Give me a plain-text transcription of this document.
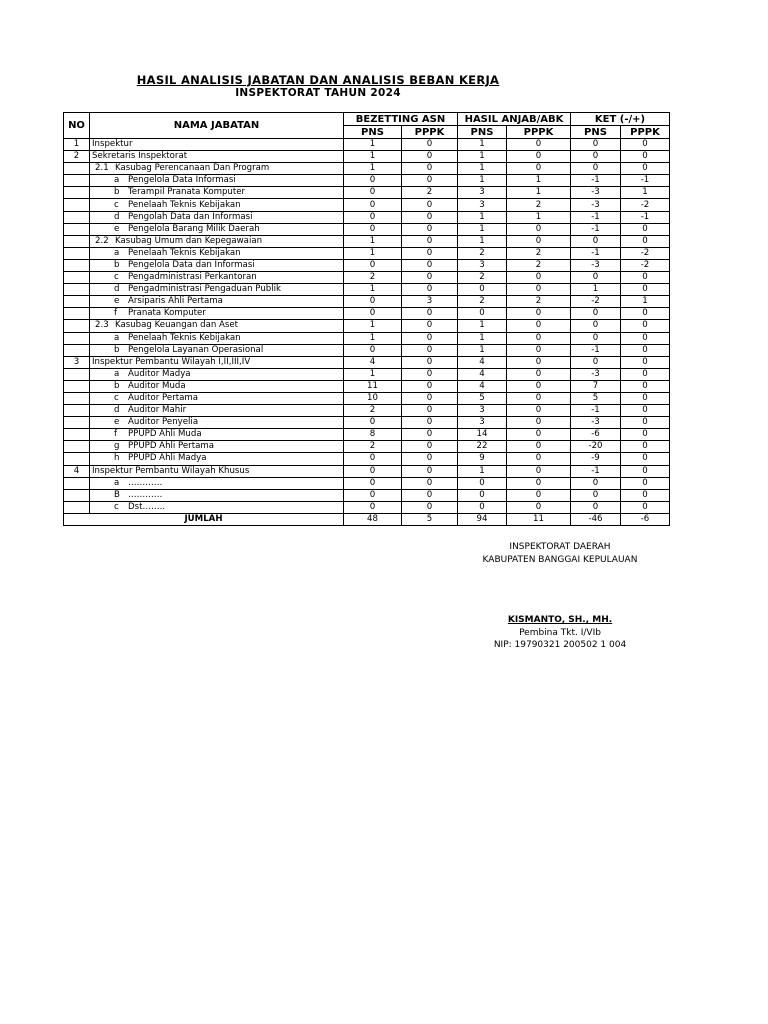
HASIL ANALISIS JABATAN DAN ANALISIS BEBAN KERJA
INSPEKTORAT TAHUN 2024
NO	NAMA JABATAN	BEZETTING ASN		HASIL ANJAB/ABK		KET (-/+)	
		PNS	PPPK	PNS	PPPK	PNS	PPPK
1	Inspektur	1	0	1	0	0	0
2	Sekretaris Inspektorat	1	0	1	0	0	0
	2.1 Kasubag Perencanaan Dan Program	1	0	1	0	0	0
	a Pengelola Data Informasi	0	0	1	1	-1	-1
	b Terampil Pranata Komputer	0	2	3	1	-3	1
	c Penelaah Teknis Kebijakan	0	0	3	2	-3	-2
	d Pengolah Data dan Informasi	0	0	1	1	-1	-1
	e Pengelola Barang Milik Daerah	0	0	1	0	-1	0
	2.2 Kasubag Umum dan Kepegawaian	1	0	1	0	0	0
	a Penelaah Teknis Kebijakan	1	0	2	2	-1	-2
	b Pengelola Data dan Informasi	0	0	3	2	-3	-2
	c Pengadministrasi Perkantoran	2	0	2	0	0	0
	d Pengadministrasi Pengaduan Publik	1	0	0	0	1	0
	e Arsiparis Ahli Pertama	0	3	2	2	-2	1
	f Pranata Komputer	0	0	0	0	0	0
	2.3 Kasubag Keuangan dan Aset	1	0	1	0	0	0
	a Penelaah Teknis Kebijakan	1	0	1	0	0	0
	b Pengelola Layanan Operasional	0	0	1	0	-1	0
3	Inspektur Pembantu Wilayah I,II,III,IV	4	0	4	0	0	0
	a Auditor Madya	1	0	4	0	-3	0
	b Auditor Muda	11	0	4	0	7	0
	c Auditor Pertama	10	0	5	0	5	0
	d Auditor Mahir	2	0	3	0	-1	0
	e Auditor Penyelia	0	0	3	0	-3	0
	f PPUPD Ahli Muda	8	0	14	0	-6	0
	g PPUPD Ahli Pertama	2	0	22	0	-20	0
	h PPUPD Ahli Madya	0	0	9	0	-9	0
4	Inspektur Pembantu Wilayah Khusus	0	0	1	0	-1	0
	a …………	0	0	0	0	0	0
	B …………	0	0	0	0	0	0
	c Dst……..	0	0	0	0	0	0
JUMLAH		48	5	94	11	-46	-6
INSPEKTORAT DAERAH
KABUPATEN BANGGAI KEPULAUAN
KISMANTO, SH., MH.
Pembina Tkt. I/VIb
NIP: 19790321 200502 1 004
